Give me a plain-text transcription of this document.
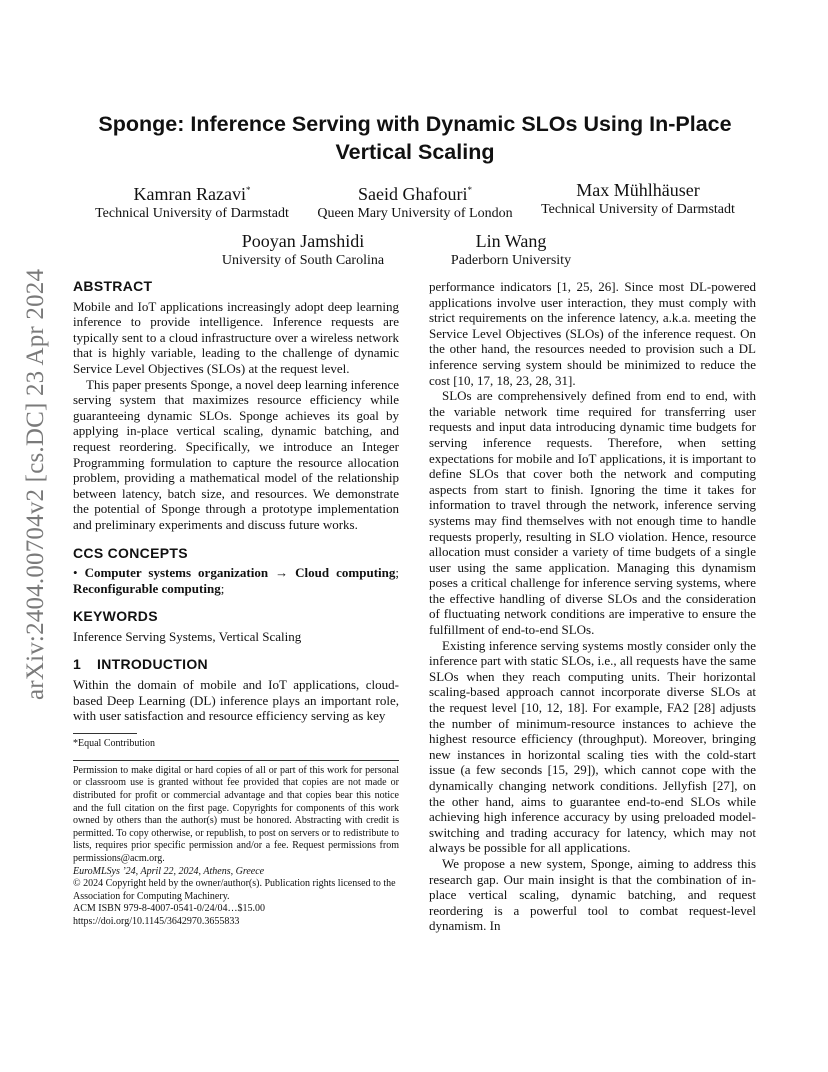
arXiv:2404.00704v2 [cs.DC] 23 Apr 2024
Sponge: Inference Serving with Dynamic SLOs Using In-Place Vertical Scaling
Kamran Razavi*
Technical University of Darmstadt
Saeid Ghafouri*
Queen Mary University of London
Max Mühlhäuser
Technical University of Darmstadt
Pooyan Jamshidi
University of South Carolina
Lin Wang
Paderborn University
ABSTRACT

Mobile and IoT applications increasingly adopt deep learning inference to provide intelligence. Inference requests are typically sent to a cloud infrastructure over a wireless network that is highly variable, leading to the challenge of dynamic Service Level Objectives (SLOs) at the request level.

This paper presents Sponge, a novel deep learning inference serving system that maximizes resource efficiency while guaranteeing dynamic SLOs. Sponge achieves its goal by applying in-place vertical scaling, dynamic batching, and request reordering. Specifically, we introduce an Integer Programming formulation to capture the resource allocation problem, providing a mathematical model of the relationship between latency, batch size, and resources. We demonstrate the potential of Sponge through a prototype implementation and preliminary experiments and discuss future works.

CCS CONCEPTS

• Computer systems organization → Cloud computing; Reconfigurable computing;

KEYWORDS

Inference Serving Systems, Vertical Scaling

1 INTRODUCTION

Within the domain of mobile and IoT applications, cloud-based Deep Learning (DL) inference plays an important role, with user satisfaction and resource efficiency serving as key

*Equal Contribution

Permission to make digital or hard copies of all or part of this work for personal or classroom use is granted without fee provided that copies are not made or distributed for profit or commercial advantage and that copies bear this notice and the full citation on the first page. Copyrights for components of this work owned by others than the author(s) must be honored. Abstracting with credit is permitted. To copy otherwise, or republish, to post on servers or to redistribute to lists, requires prior specific permission and/or a fee. Request permissions from permissions@acm.org.

EuroMLSys ’24, April 22, 2024, Athens, Greece
© 2024 Copyright held by the owner/author(s). Publication rights licensed to the Association for Computing Machinery.
ACM ISBN 979-8-4007-0541-0/24/04…$15.00
https://doi.org/10.1145/3642970.3655833

performance indicators [1, 25, 26]. Since most DL-powered applications involve user interaction, they must comply with strict requirements on the inference latency, a.k.a. meeting the Service Level Objectives (SLOs) of the inference request. On the other hand, the resources needed to provision such a DL inference serving system should be minimized to reduce the cost [10, 17, 18, 23, 28, 31].

SLOs are comprehensively defined from end to end, with the variable network time required for transferring user requests and input data introducing dynamic time budgets for serving inference requests. Therefore, when setting expectations for mobile and IoT applications, it is important to define SLOs that cover both the network and computing aspects from start to finish. Ignoring the time it takes for information to travel through the network, inference serving systems may find themselves with not enough time to handle requests properly, resulting in SLO violation. Hence, resource allocation must consider a variety of time budgets of a single user using the same application. Managing this dynamism poses a critical challenge for inference serving systems, where the effective handling of diverse SLOs and the consideration of fluctuating network conditions are imperative to ensure the fulfillment of end-to-end SLOs.

Existing inference serving systems mostly consider only the inference part with static SLOs, i.e., all requests have the same SLOs when they reach computing units. Their horizontal scaling-based approach cannot incorporate diverse SLOs at the request level [10, 12, 18]. For example, FA2 [28] adjusts the number of minimum-resource instances to achieve the highest resource efficiency (throughput). Moreover, bringing new instances in horizontal scaling ties with the cold-start issue (a few seconds [15, 29]), which cannot cope with the dynamically changing network conditions. Jellyfish [27], on the other hand, aims to guarantee end-to-end SLOs while achieving high inference accuracy by using preloaded model-switching and trading accuracy for latency, which may not always be possible for all applications.

We propose a new system, Sponge, aiming to address this research gap. Our main insight is that the combination of in-place vertical scaling, dynamic batching, and request reordering is a powerful tool to combat request-level dynamism. In
